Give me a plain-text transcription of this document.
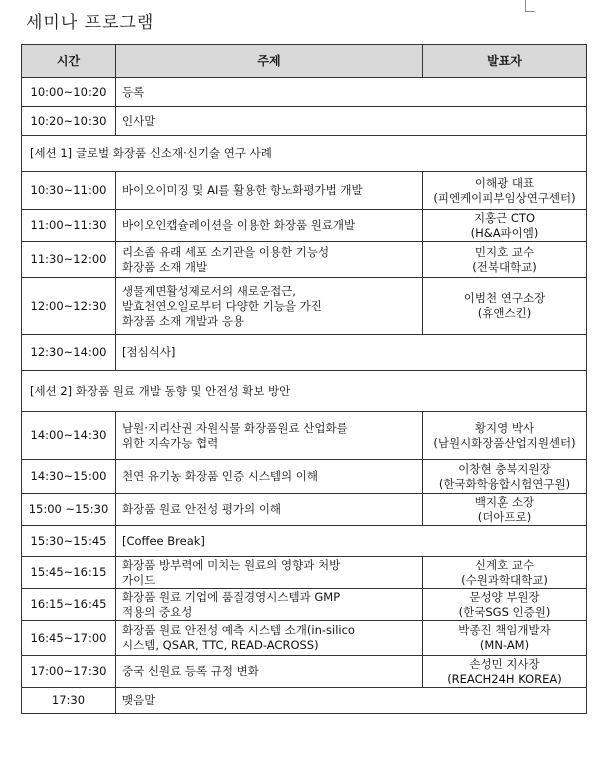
세미나 프로그램
시간	주제	발표자
10:00~10:20	등록	

10:20~10:30	인사말	

[세션 1] 글로벌 화장품 신소재·신기술 연구 사례		
10:30~11:00	바이오이미징 및 AI를 활용한 항노화평가법 개발	이해광 대표
(피엔케이피부임상연구센터)

11:00~11:30	바이오인캡슐레이션을 이용한 화장품 원료개발	지홍근 CTO
(H&A파이엠)

11:30~12:00	리소좀 유래 세포 소기관을 이용한 기능성
화장품 소재 개발	민지호 교수
(전북대학교)

12:00~12:30	생물계면활성제로서의 새로운접근,
발효천연오일로부터 다양한 기능을 가진
화장품 소재 개발과 응용	이범천 연구소장
(휴앤스킨)

12:30~14:00	[점심식사]	

[세션 2] 화장품 원료 개발 동향 및 안전성 확보 방안		
14:00~14:30	남원·지리산권 자원식물 화장품원료 산업화를
위한 지속가능 협력	황지영 박사
(남원시화장품산업지원센터)

14:30~15:00	천연 유기농 화장품 인증 시스템의 이해	이창현 충북지원장
(한국화학융합시험연구원)

15:00 ~15:30	화장품 원료 안전성 평가의 이해	백지훈 소장
(더아프로)

15:30~15:45	[Coffee Break]	

15:45~16:15	화장품 방부력에 미치는 원료의 영향과 처방
가이드	신계호 교수
(수원과학대학교)

16:15~16:45	화장품 원료 기업에 품질경영시스템과 GMP
적용의 중요성	문성양 부원장
(한국SGS 인증원)

16:45~17:00	화장품 원료 안전성 예측 시스템 소개(in-silico
시스템, QSAR, TTC, READ-ACROSS)	박종진 책임개발자
(MN-AM)

17:00~17:30	중국 신원료 등록 규정 변화	손성민 지사장
(REACH24H KOREA)

17:30	맺음말	
